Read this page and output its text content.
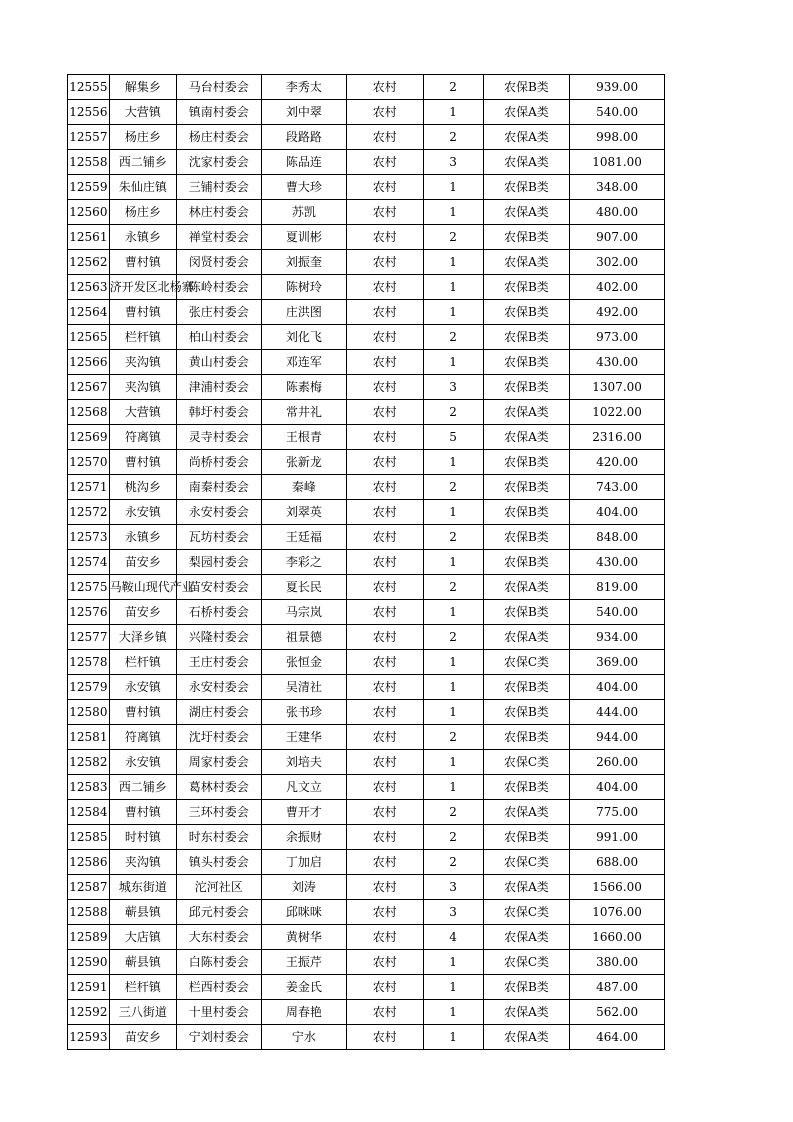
12555	解集乡	马台村委会	李秀太	农村	2	农保B类	939.00
12556	大营镇	镇南村委会	刘中翠	农村	1	农保A类	540.00
12557	杨庄乡	杨庄村委会	段路路	农村	2	农保A类	998.00
12558	西二铺乡	沈家村委会	陈品连	农村	3	农保A类	1081.00
12559	朱仙庄镇	三铺村委会	曹大珍	农村	1	农保B类	348.00
12560	杨庄乡	林庄村委会	苏凯	农村	1	农保A类	480.00
12561	永镇乡	禅堂村委会	夏训彬	农村	2	农保B类	907.00
12562	曹村镇	闵贤村委会	刘振奎	农村	1	农保A类	302.00
12563	济开发区北杨寨	陈岭村委会	陈树玲	农村	1	农保B类	402.00
12564	曹村镇	张庄村委会	庄洪图	农村	1	农保B类	492.00
12565	栏杆镇	柏山村委会	刘化飞	农村	2	农保B类	973.00
12566	夹沟镇	黄山村委会	邓连军	农村	1	农保B类	430.00
12567	夹沟镇	津浦村委会	陈素梅	农村	3	农保B类	1307.00
12568	大营镇	韩圩村委会	常井礼	农村	2	农保A类	1022.00
12569	符离镇	灵寺村委会	王根青	农村	5	农保A类	2316.00
12570	曹村镇	尚桥村委会	张新龙	农村	1	农保B类	420.00
12571	桃沟乡	南秦村委会	秦峰	农村	2	农保B类	743.00
12572	永安镇	永安村委会	刘翠英	农村	1	农保B类	404.00
12573	永镇乡	瓦坊村委会	王廷福	农村	2	农保B类	848.00
12574	苗安乡	梨园村委会	李彩之	农村	1	农保B类	430.00
12575	马鞍山现代产业	苗安村委会	夏长民	农村	2	农保A类	819.00
12576	苗安乡	石桥村委会	马宗岚	农村	1	农保B类	540.00
12577	大泽乡镇	兴隆村委会	祖景德	农村	2	农保A类	934.00
12578	栏杆镇	王庄村委会	张恒金	农村	1	农保C类	369.00
12579	永安镇	永安村委会	吴清社	农村	1	农保B类	404.00
12580	曹村镇	湖庄村委会	张书珍	农村	1	农保B类	444.00
12581	符离镇	沈圩村委会	王建华	农村	2	农保B类	944.00
12582	永安镇	周家村委会	刘培夫	农村	1	农保C类	260.00
12583	西二铺乡	葛林村委会	凡文立	农村	1	农保B类	404.00
12584	曹村镇	三环村委会	曹开才	农村	2	农保A类	775.00
12585	时村镇	时东村委会	余振财	农村	2	农保B类	991.00
12586	夹沟镇	镇头村委会	丁加启	农村	2	农保C类	688.00
12587	城东街道	沱河社区	刘涛	农村	3	农保A类	1566.00
12588	蕲县镇	邱元村委会	邱咪咪	农村	3	农保C类	1076.00
12589	大店镇	大东村委会	黄树华	农村	4	农保A类	1660.00
12590	蕲县镇	白陈村委会	王振芹	农村	1	农保C类	380.00
12591	栏杆镇	栏西村委会	姜金氏	农村	1	农保B类	487.00
12592	三八街道	十里村委会	周春艳	农村	1	农保A类	562.00
12593	苗安乡	宁刘村委会	宁水	农村	1	农保A类	464.00
